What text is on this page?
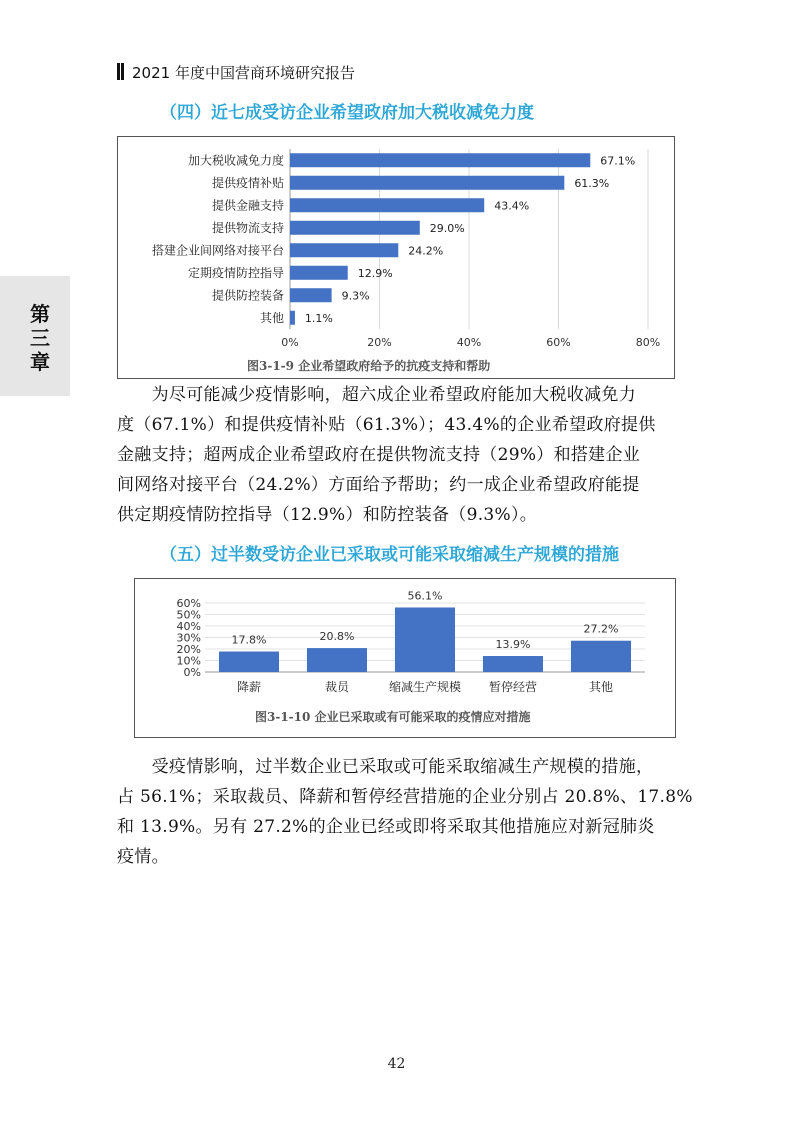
2021 年度中国营商环境研究报告
第三章
（四）近七成受访企业希望政府加大税收减免力度
0%	20%	40%	60%	80%
加大税收减免力度	67.1%
提供疫情补贴	61.3%
提供金融支持	43.4%
提供物流支持	29.0%
搭建企业间网络对接平台	24.2%
定期疫情防控指导	12.9%
提供防控装备	9.3%
其他 1.1%
图3-1-9 企业希望政府给予的抗疫支持和帮助
　　为尽可能减少疫情影响，超六成企业希望政府能加大税收减免力
度（67.1%）和提供疫情补贴（61.3%）；43.4%的企业希望政府提供
金融支持；超两成企业希望政府在提供物流支持（29%）和搭建企业
间网络对接平台（24.2%）方面给予帮助；约一成企业希望政府能提
供定期疫情防控指导（12.9%）和防控装备（9.3%）。
（五）过半数受访企业已采取或可能采取缩减生产规模的措施
0%
10%
20%
30%
40%
50%
60%
17.8%
降薪
20.8%
裁员
56.1%
缩减生产规模
13.9%
暂停经营
27.2%
其他
图3-1-10 企业已采取或有可能采取的疫情应对措施
　　受疫情影响，过半数企业已采取或可能采取缩减生产规模的措施，
占 56.1%；采取裁员、降薪和暂停经营措施的企业分别占 20.8%、17.8%
和 13.9%。另有 27.2%的企业已经或即将采取其他措施应对新冠肺炎
疫情。
42
